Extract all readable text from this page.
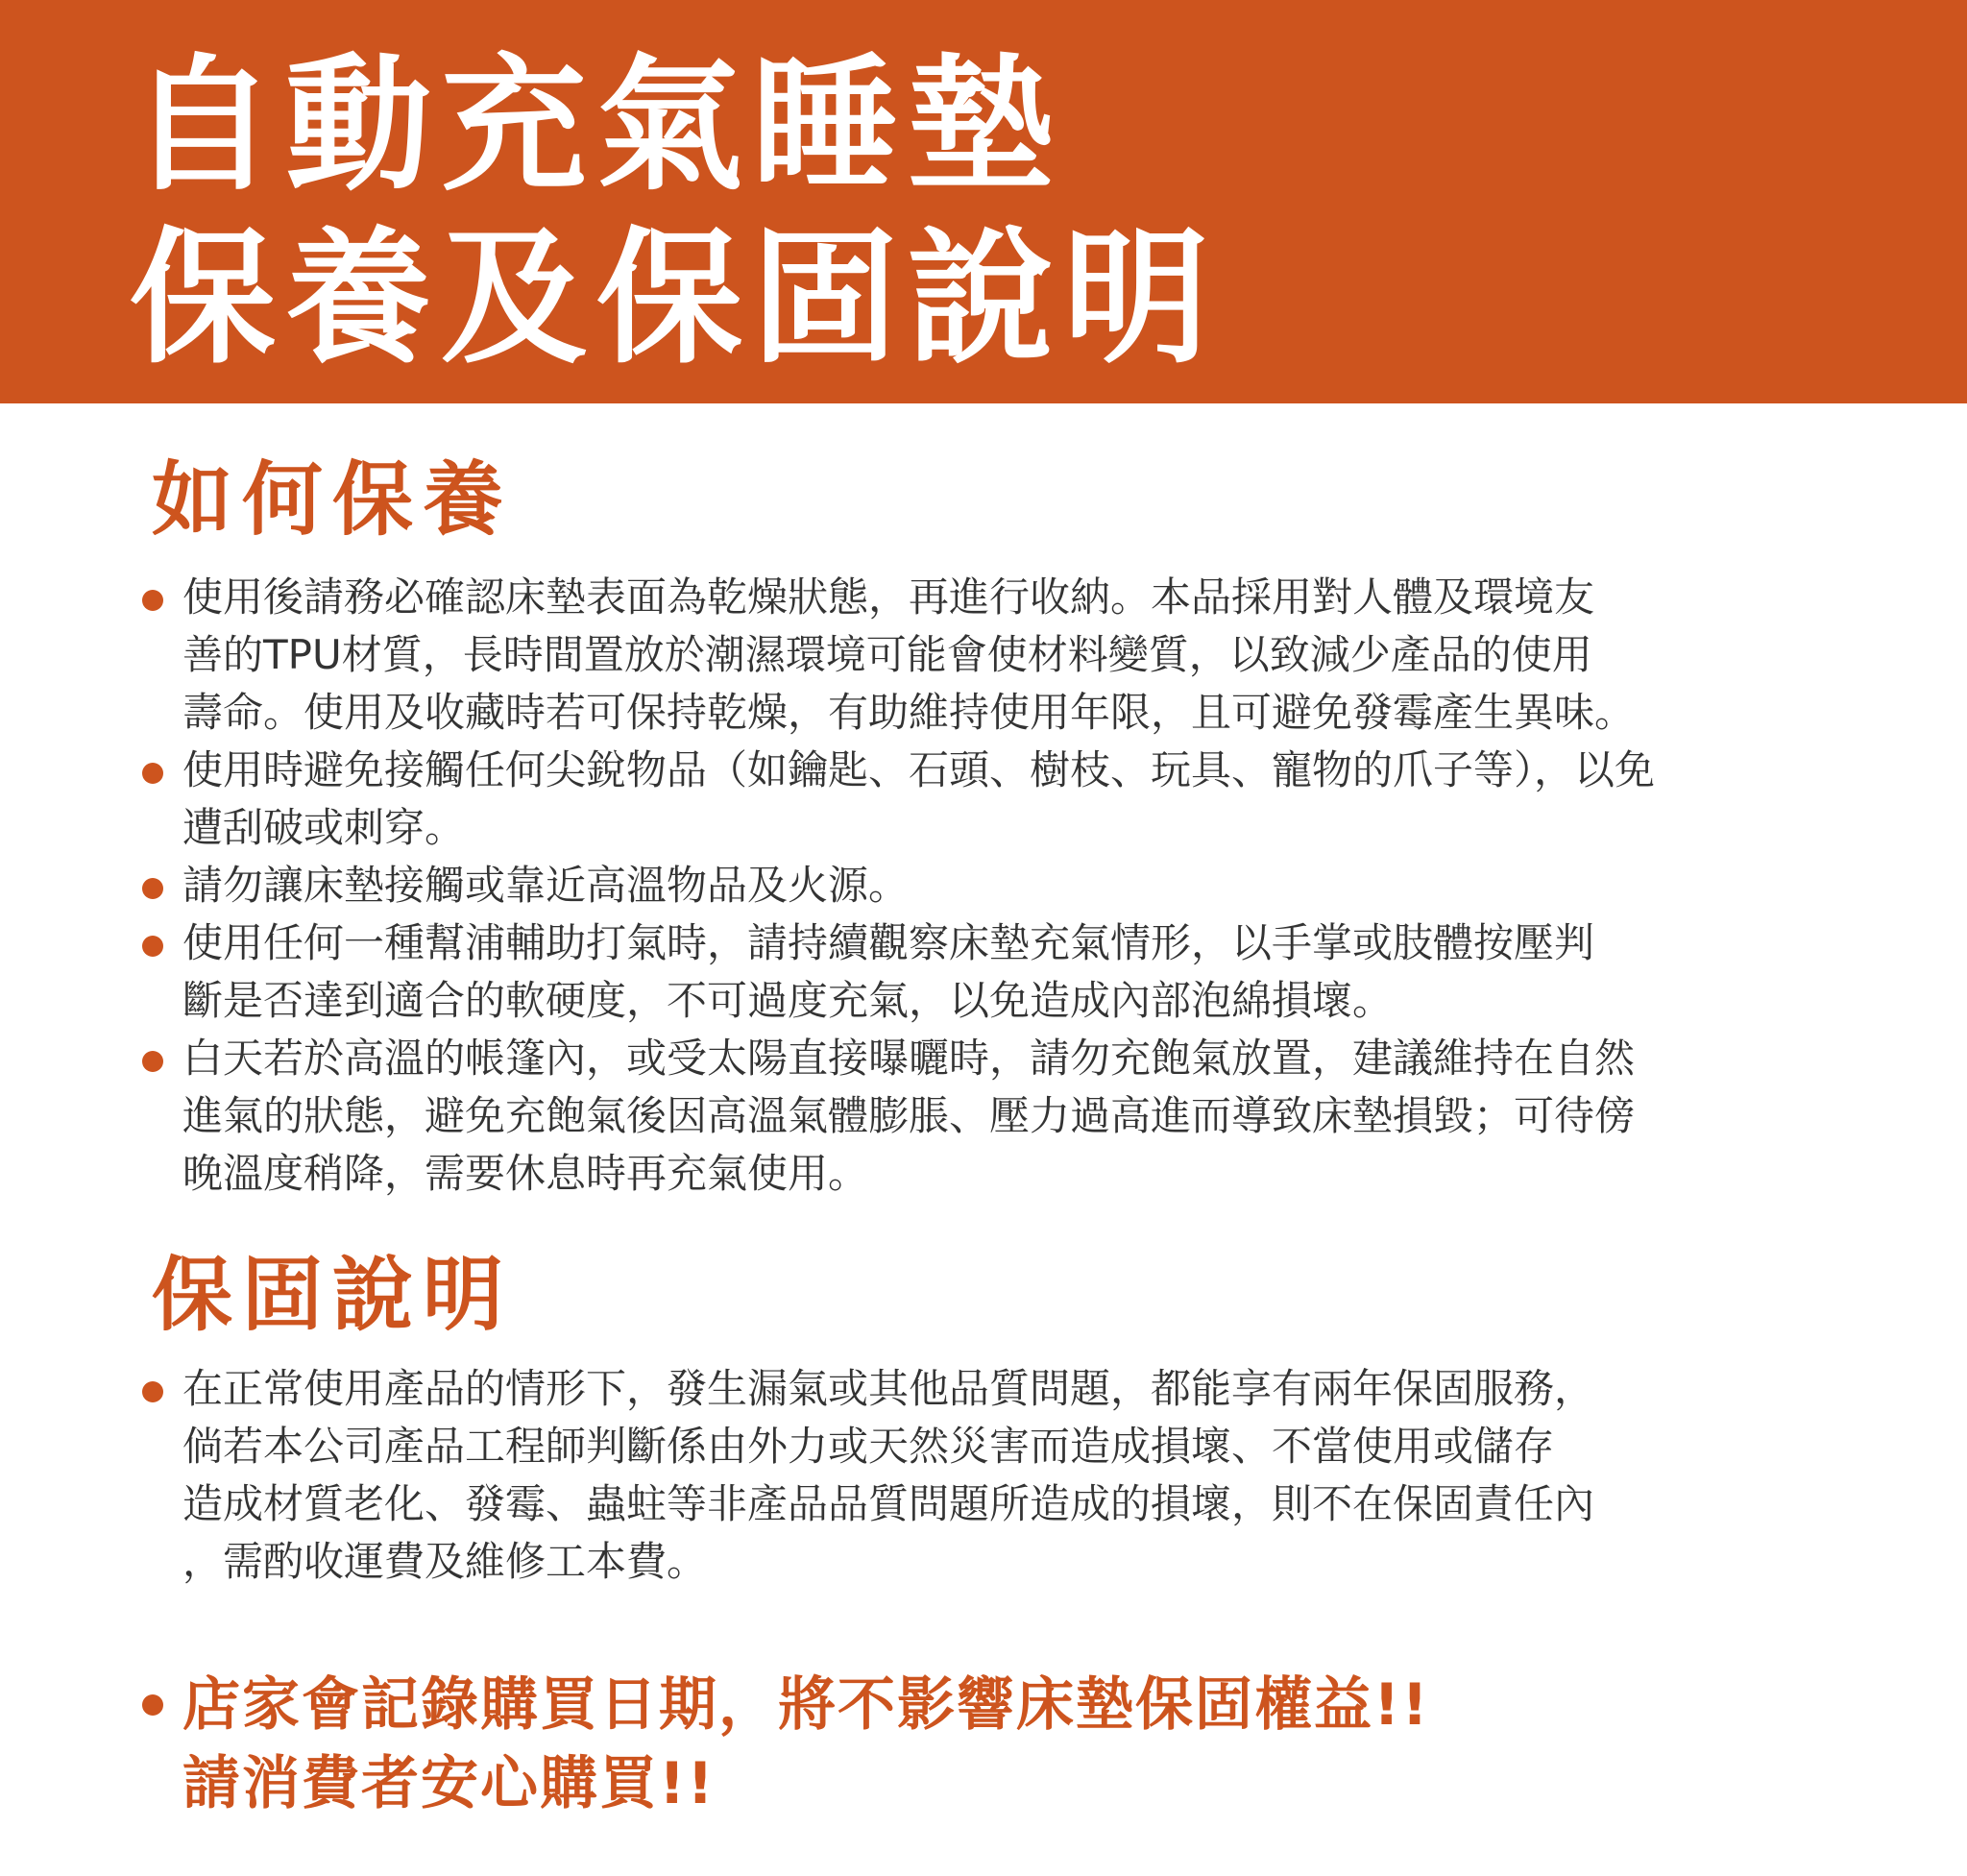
自動充氣睡墊
保養及保固說明
如何保養
使用後請務必確認床墊表面為乾燥狀態，再進行收納。本品採用對人體及環境友
善的TPU材質，長時間置放於潮濕環境可能會使材料變質，以致減少產品的使用
壽命。使用及收藏時若可保持乾燥，有助維持使用年限，且可避免發霉產生異味。
使用時避免接觸任何尖銳物品（如鑰匙、石頭、樹枝、玩具、寵物的爪子等），以免
遭刮破或刺穿。
請勿讓床墊接觸或靠近高溫物品及火源。
使用任何一種幫浦輔助打氣時，請持續觀察床墊充氣情形，以手掌或肢體按壓判
斷是否達到適合的軟硬度，不可過度充氣，以免造成內部泡綿損壞。
白天若於高溫的帳篷內，或受太陽直接曝曬時，請勿充飽氣放置，建議維持在自然
進氣的狀態，避免充飽氣後因高溫氣體膨脹、壓力過高進而導致床墊損毀；可待傍
晚溫度稍降，需要休息時再充氣使用。
保固說明
在正常使用產品的情形下，發生漏氣或其他品質問題，都能享有兩年保固服務，
倘若本公司產品工程師判斷係由外力或天然災害而造成損壞、不當使用或儲存
造成材質老化、發霉、蟲蛀等非產品品質問題所造成的損壞，則不在保固責任內
，需酌收運費及維修工本費。
店家會記錄購買日期，將不影響床墊保固權益!!
請消費者安心購買!!
